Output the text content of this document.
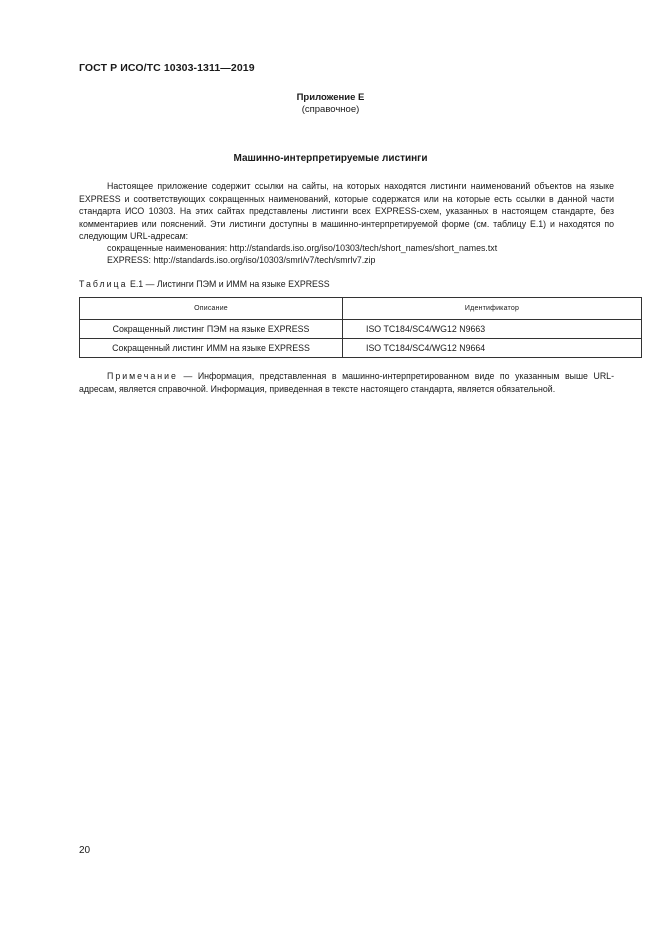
ГОСТ Р ИСО/ТС 10303-1311—2019
Приложение Е
(справочное)
Машинно-интерпретируемые листинги
Настоящее приложение содержит ссылки на сайты, на которых находятся листинги наименований объектов на языке EXPRESS и соответствующих сокращенных наименований, которые содержатся или на которые есть ссылки в данной части стандарта ИСО 10303. На этих сайтах представлены листинги всех EXPRESS-схем, указанных в настоящем стандарте, без комментариев или пояснений. Эти листинги доступны в машинно-интерпретируемой форме (см. таблицу Е.1) и находятся по следующим URL-адресам:
сокращенные наименования: http://standards.iso.org/iso/10303/tech/short_names/short_names.txt
EXPRESS: http://standards.iso.org/iso/10303/smrl/v7/tech/smrlv7.zip
Таблица Е.1 — Листинги ПЭМ и ИММ на языке EXPRESS
Описание	Идентификатор
Сокращенный листинг ПЭМ на языке EXPRESS	ISO TC184/SC4/WG12 N9663
Сокращенный листинг ИММ на языке EXPRESS	ISO TC184/SC4/WG12 N9664
Примечание — Информация, представленная в машинно-интерпретированном виде по указанным выше URL-адресам, является справочной. Информация, приведенная в тексте настоящего стандарта, является обязательной.
20
